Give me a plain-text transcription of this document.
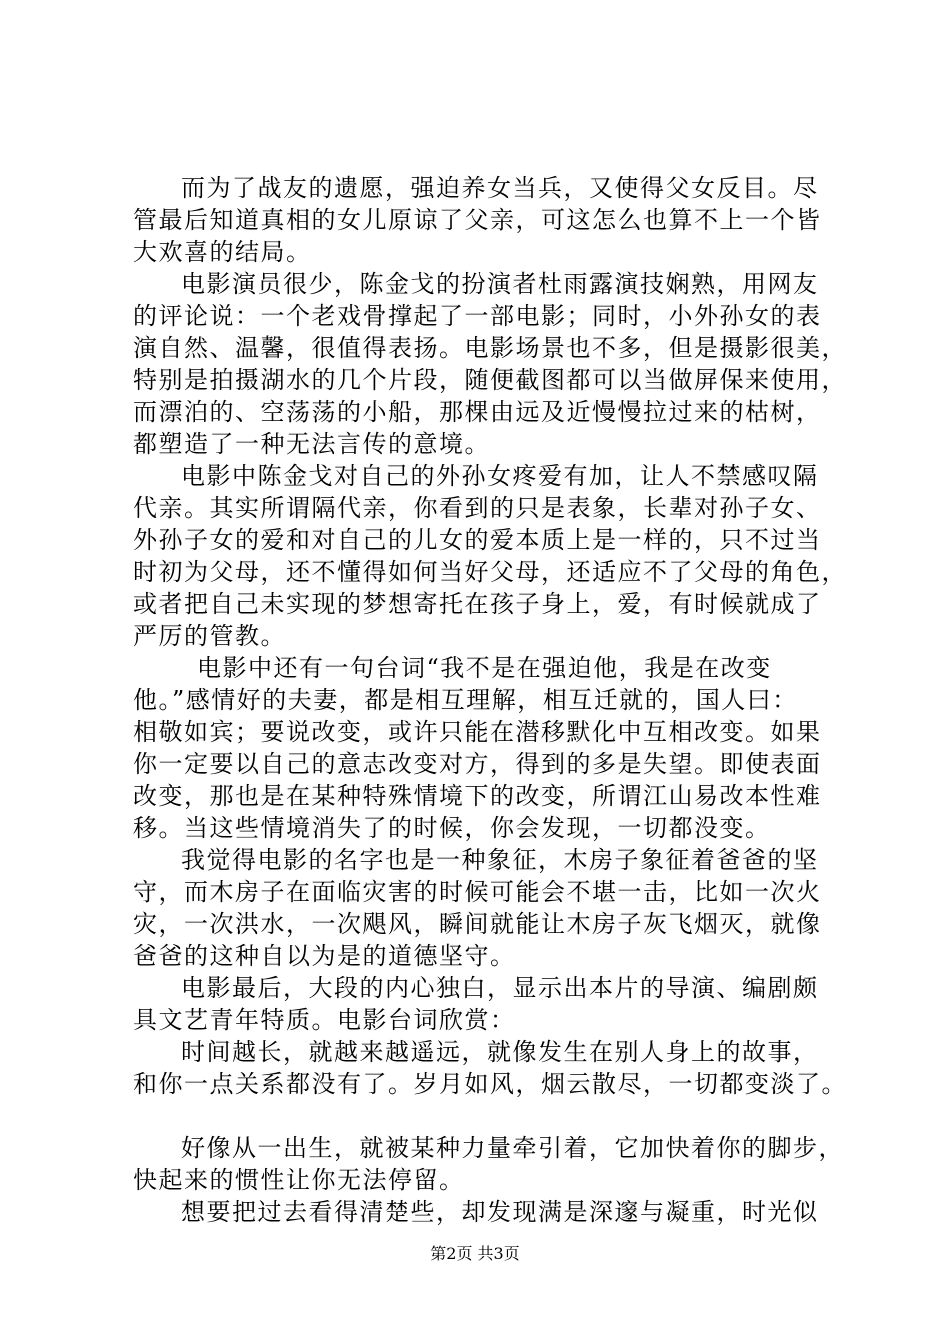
而为了战友的遗愿，强迫养女当兵，又使得父女反目。尽
管最后知道真相的女儿原谅了父亲，可这怎么也算不上一个皆
大欢喜的结局。
电影演员很少，陈金戈的扮演者杜雨露演技娴熟，用网友
的评论说：一个老戏骨撑起了一部电影；同时，小外孙女的表
演自然、温馨，很值得表扬。电影场景也不多，但是摄影很美，
特别是拍摄湖水的几个片段，随便截图都可以当做屏保来使用，
而漂泊的、空荡荡的小船，那棵由远及近慢慢拉过来的枯树，
都塑造了一种无法言传的意境。
电影中陈金戈对自己的外孙女疼爱有加，让人不禁感叹隔
代亲。其实所谓隔代亲，你看到的只是表象，长辈对孙子女、
外孙子女的爱和对自己的儿女的爱本质上是一样的，只不过当
时初为父母，还不懂得如何当好父母，还适应不了父母的角色，
或者把自己未实现的梦想寄托在孩子身上，爱，有时候就成了
严厉的管教。
电影中还有一句台词“我不是在强迫他，我是在改变
他。”感情好的夫妻，都是相互理解，相互迁就的，国人曰：
相敬如宾；要说改变，或许只能在潜移默化中互相改变。如果
你一定要以自己的意志改变对方，得到的多是失望。即使表面
改变，那也是在某种特殊情境下的改变，所谓江山易改本性难
移。当这些情境消失了的时候，你会发现，一切都没变。
我觉得电影的名字也是一种象征，木房子象征着爸爸的坚
守，而木房子在面临灾害的时候可能会不堪一击，比如一次火
灾，一次洪水，一次飓风，瞬间就能让木房子灰飞烟灭，就像
爸爸的这种自以为是的道德坚守。
电影最后，大段的内心独白，显示出本片的导演、编剧颇
具文艺青年特质。电影台词欣赏：
时间越长，就越来越遥远，就像发生在别人身上的故事，
和你一点关系都没有了。岁月如风，烟云散尽，一切都变淡了。
好像从一出生，就被某种力量牵引着，它加快着你的脚步，
快起来的惯性让你无法停留。
想要把过去看得清楚些，却发现满是深邃与凝重，时光似
第2页 共3页
